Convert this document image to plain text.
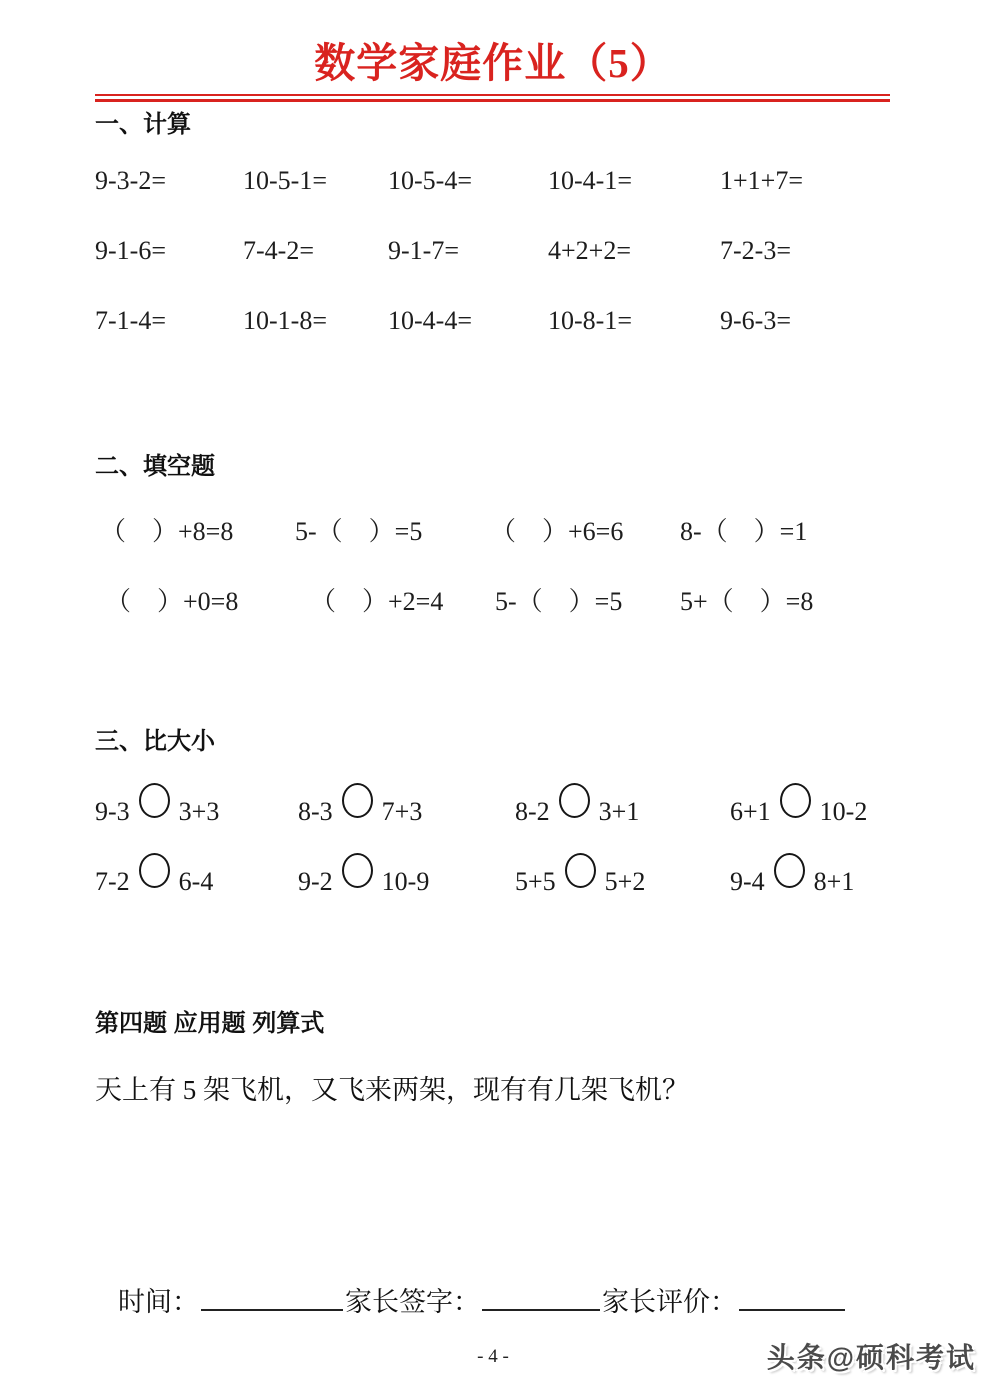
数学家庭作业（5）
一、计算
9-3-2=	10-5-1= 10-5-4=	10-4-1=	1+1+7=
9-1-6=	7-4-2=	9-1-7=	4+2+2=	7-2-3=
7-1-4=	10-1-8= 10-4-4=	10-8-1=	9-6-3=
二、填空题
（　）+8=8 5-（　）=5	（　）+6=6 8-（　）=1
（　）+0=8	（　）+2=4 5-（　）=5 5+（　）=8
三、比大小
9-3 3+3	8-3 7+3	8-2 3+1	6+1 10-2
7-2 6-4	9-2 10-9	5+5 5+2	9-4 8+1
第四题 应用题 列算式
天上有 5 架飞机，又飞来两架，现有有几架飞机？
时间：	家长签字：	家长评价：
- 4 -	头条@硕科考试
